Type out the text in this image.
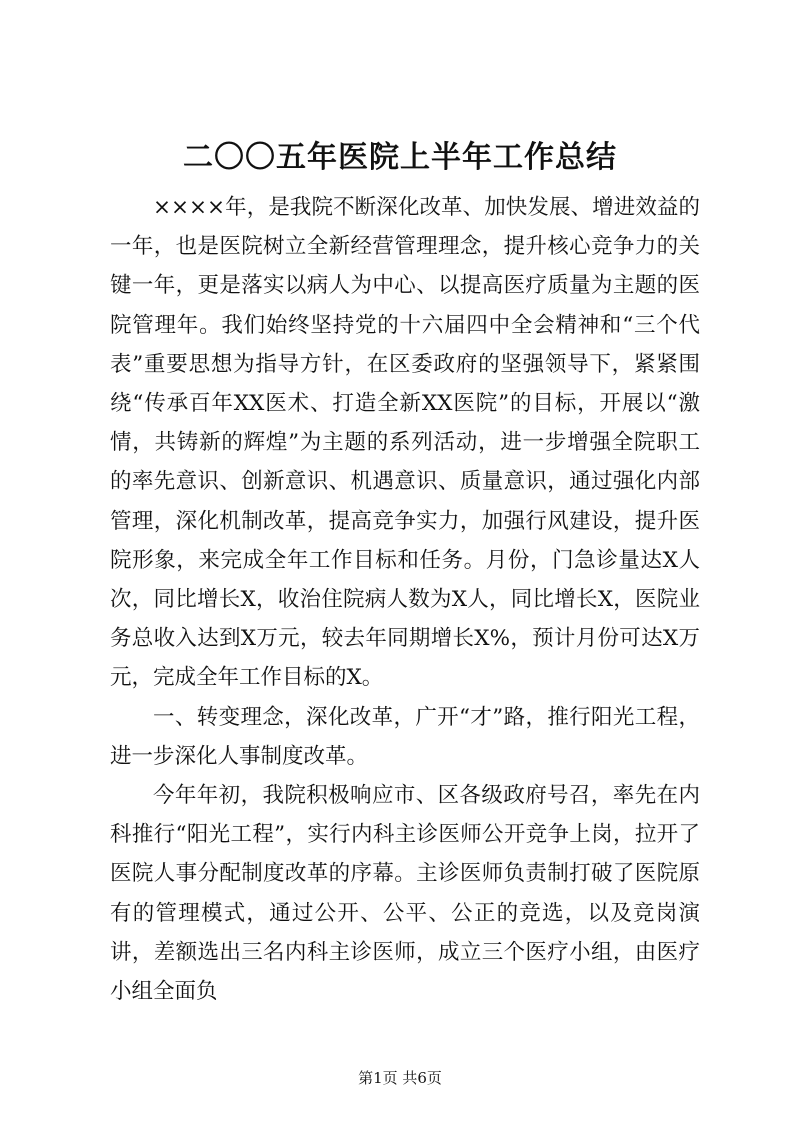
二〇〇五年医院上半年工作总结

××××年，是我院不断深化改革、加快发展、增进效益的一年，也是医院树立全新经营管理理念，提升核心竞争力的关键一年，更是落实以病人为中心、以提高医疗质量为主题的医院管理年。我们始终坚持党的十六届四中全会精神和“三个代表”重要思想为指导方针，在区委政府的坚强领导下，紧紧围绕“传承百年XX医术、打造全新XX医院”的目标，开展以“激情，共铸新的辉煌”为主题的系列活动，进一步增强全院职工的率先意识、创新意识、机遇意识、质量意识，通过强化内部管理，深化机制改革，提高竞争实力，加强行风建设，提升医院形象，来完成全年工作目标和任务。月份，门急诊量达X人次，同比增长X，收治住院病人数为X人，同比增长X，医院业务总收入达到X万元，较去年同期增长X%，预计月份可达X万元，完成全年工作目标的X。

一、转变理念，深化改革，广开“才”路，推行阳光工程，进一步深化人事制度改革。

今年年初，我院积极响应市、区各级政府号召，率先在内科推行“阳光工程”，实行内科主诊医师公开竞争上岗，拉开了医院人事分配制度改革的序幕。主诊医师负责制打破了医院原有的管理模式，通过公开、公平、公正的竞选，以及竞岗演讲，差额选出三名内科主诊医师，成立三个医疗小组，由医疗小组全面负

第1页 共6页
